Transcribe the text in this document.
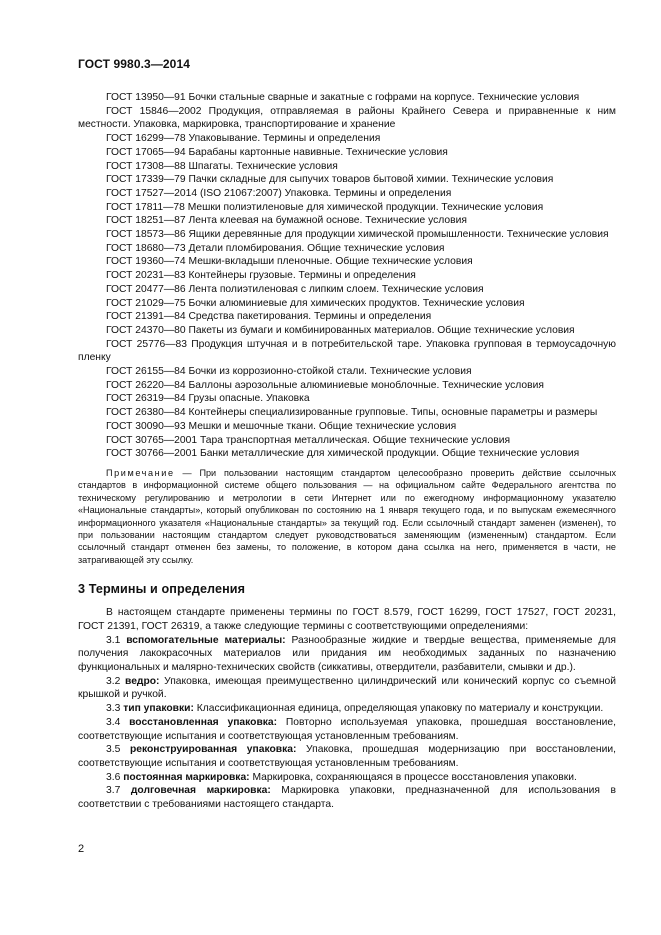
ГОСТ 9980.3—2014

ГОСТ 13950—91 Бочки стальные сварные и закатные с гофрами на корпусе. Технические условия

ГОСТ 15846—2002 Продукция, отправляемая в районы Крайнего Севера и приравненные к ним местности. Упаковка, маркировка, транспортирование и хранение

ГОСТ 16299—78 Упаковывание. Термины и определения

ГОСТ 17065—94 Барабаны картонные навивные. Технические условия

ГОСТ 17308—88 Шпагаты. Технические условия

ГОСТ 17339—79 Пачки складные для сыпучих товаров бытовой химии. Технические условия

ГОСТ 17527—2014 (ISO 21067:2007) Упаковка. Термины и определения

ГОСТ 17811—78 Мешки полиэтиленовые для химической продукции. Технические условия

ГОСТ 18251—87 Лента клеевая на бумажной основе. Технические условия

ГОСТ 18573—86 Ящики деревянные для продукции химической промышленности. Технические условия

ГОСТ 18680—73 Детали пломбирования. Общие технические условия

ГОСТ 19360—74 Мешки-вкладыши пленочные. Общие технические условия

ГОСТ 20231—83 Контейнеры грузовые. Термины и определения

ГОСТ 20477—86 Лента полиэтиленовая с липким слоем. Технические условия

ГОСТ 21029—75 Бочки алюминиевые для химических продуктов. Технические условия

ГОСТ 21391—84 Средства пакетирования. Термины и определения

ГОСТ 24370—80 Пакеты из бумаги и комбинированных материалов. Общие технические условия

ГОСТ 25776—83 Продукция штучная и в потребительской таре. Упаковка групповая в термоусадочную пленку

ГОСТ 26155—84 Бочки из коррозионно-стойкой стали. Технические условия

ГОСТ 26220—84 Баллоны аэрозольные алюминиевые моноблочные. Технические условия

ГОСТ 26319—84 Грузы опасные. Упаковка

ГОСТ 26380—84 Контейнеры специализированные групповые. Типы, основные параметры и размеры

ГОСТ 30090—93 Мешки и мешочные ткани. Общие технические условия

ГОСТ 30765—2001 Тара транспортная металлическая. Общие технические условия

ГОСТ 30766—2001 Банки металлические для химической продукции. Общие технические условия

Примечание — При пользовании настоящим стандартом целесообразно проверить действие ссылочных стандартов в информационной системе общего пользования — на официальном сайте Федерального агентства по техническому регулированию и метрологии в сети Интернет или по ежегодному информационному указателю «Национальные стандарты», который опубликован по состоянию на 1 января текущего года, и по выпускам ежемесячного информационного указателя «Национальные стандарты» за текущий год. Если ссылочный стандарт заменен (изменен), то при пользовании настоящим стандартом следует руководствоваться заменяющим (измененным) стандартом. Если ссылочный стандарт отменен без замены, то положение, в котором дана ссылка на него, применяется в части, не затрагивающей эту ссылку.

3 Термины и определения

В настоящем стандарте применены термины по ГОСТ 8.579, ГОСТ 16299, ГОСТ 17527, ГОСТ 20231, ГОСТ 21391, ГОСТ 26319, а также следующие термины с соответствующими определениями:

3.1 вспомогательные материалы: Разнообразные жидкие и твердые вещества, применяемые для получения лакокрасочных материалов или придания им необходимых заданных по назначению функциональных и малярно-технических свойств (сиккативы, отвердители, разбавители, смывки и др.).

3.2 ведро: Упаковка, имеющая преимущественно цилиндрический или конический корпус со съемной крышкой и ручкой.

3.3 тип упаковки: Классификационная единица, определяющая упаковку по материалу и конструкции.

3.4 восстановленная упаковка: Повторно используемая упаковка, прошедшая восстановление, соответствующие испытания и соответствующая установленным требованиям.

3.5 реконструированная упаковка: Упаковка, прошедшая модернизацию при восстановлении, соответствующие испытания и соответствующая установленным требованиям.

3.6 постоянная маркировка: Маркировка, сохраняющаяся в процессе восстановления упаковки.

3.7 долговечная маркировка: Маркировка упаковки, предназначенной для использования в соответствии с требованиями настоящего стандарта.

2
